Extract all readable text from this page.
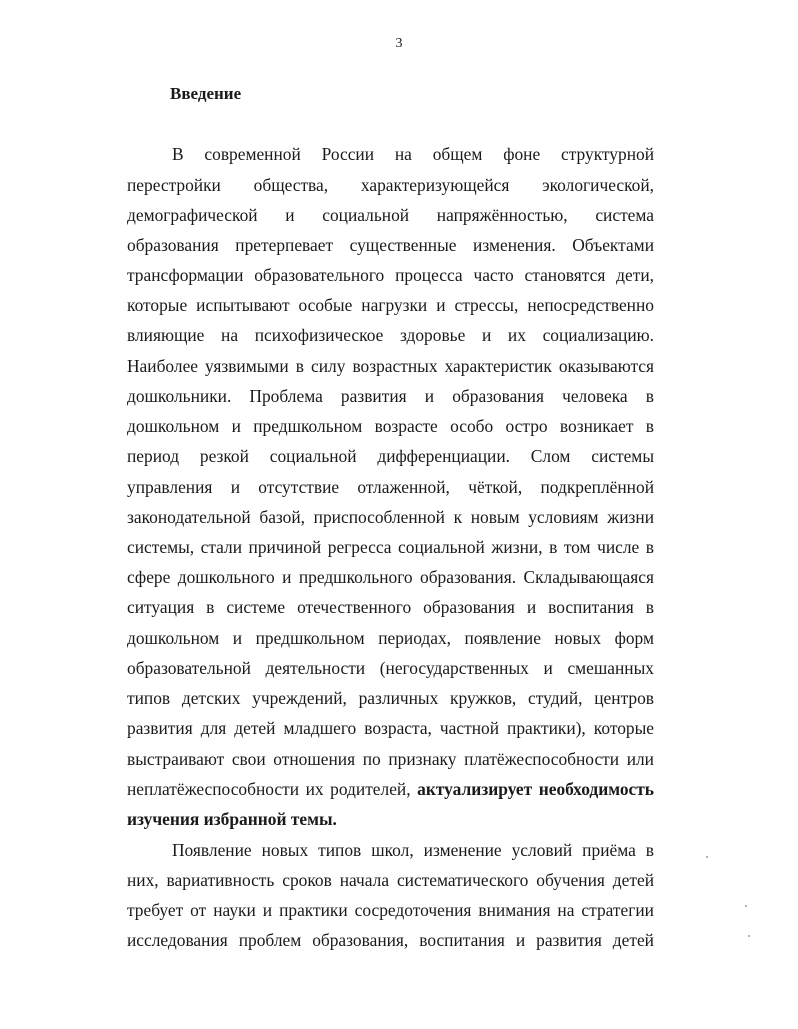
3
Введение
В современной России на общем фоне структурной
перестройки общества, характеризующейся экологической,
демографической и социальной напряжённостью, система
образования претерпевает существенные изменения. Объектами
трансформации образовательного процесса часто становятся дети,
которые испытывают особые нагрузки и стрессы, непосредственно
влияющие на психофизическое здоровье и их социализацию.
Наиболее уязвимыми в силу возрастных характеристик оказываются
дошкольники. Проблема развития и образования человека в
дошкольном и предшкольном возрасте особо остро возникает в
период резкой социальной дифференциации. Слом системы
управления и отсутствие отлаженной, чёткой, подкреплённой
законодательной базой, приспособленной к новым условиям жизни
системы, стали причиной регресса социальной жизни, в том числе в
сфере дошкольного и предшкольного образования. Складывающаяся
ситуация в системе отечественного образования и воспитания в
дошкольном и предшкольном периодах, появление новых форм
образовательной деятельности (негосударственных и смешанных
типов детских учреждений, различных кружков, студий, центров
развития для детей младшего возраста, частной практики), которые
выстраивают свои отношения по признаку платёжеспособности или
неплатёжеспособности их родителей, актуализирует необходимость
изучения избранной темы.
Появление новых типов школ, изменение условий приёма в
них, вариативность сроков начала систематического обучения детей
требует от науки и практики сосредоточения внимания на стратегии
исследования проблем образования, воспитания и развития детей
